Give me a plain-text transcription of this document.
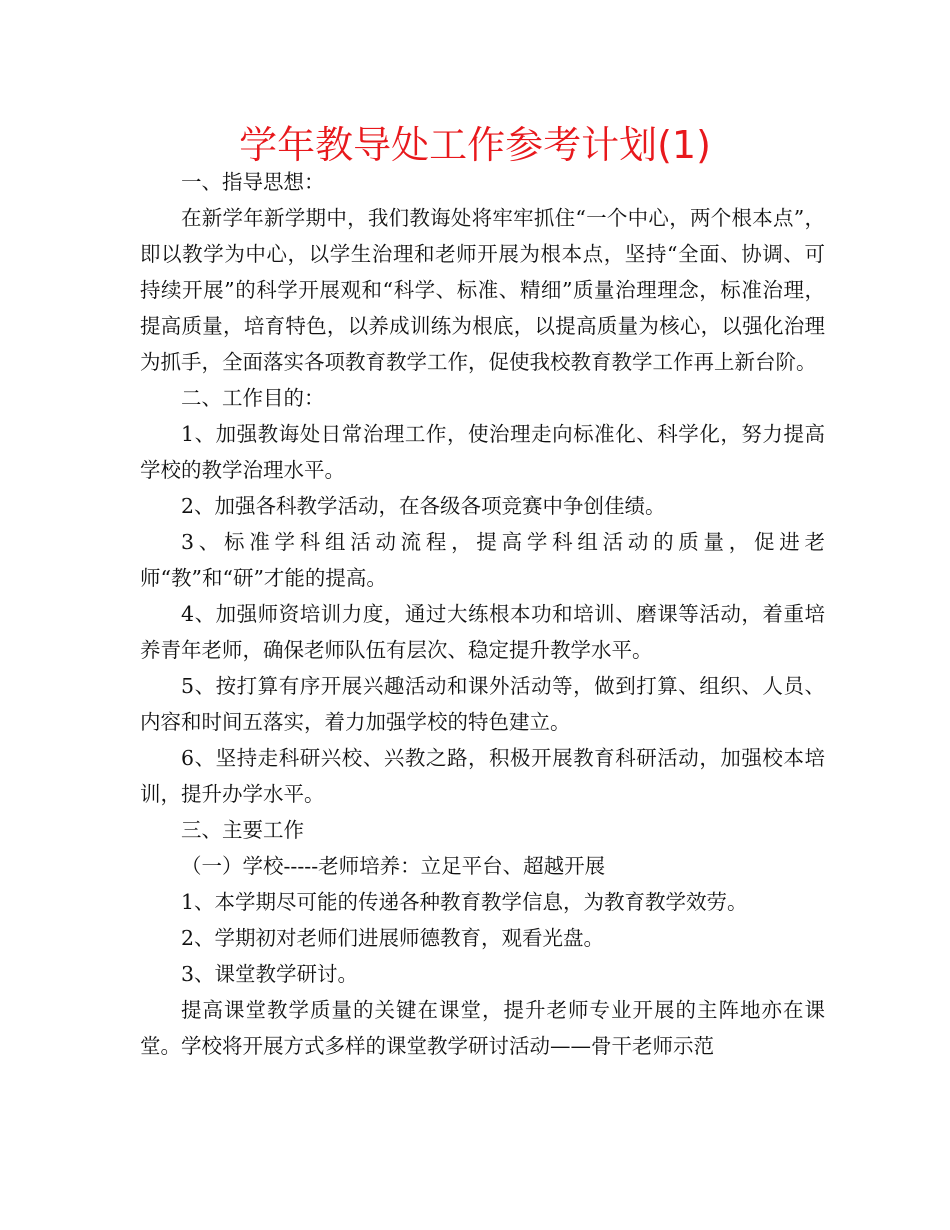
学年教导处工作参考计划(1)

一、指导思想：

在新学年新学期中，我们教诲处将牢牢抓住“一个中心，两个根本点”，即以教学为中心，以学生治理和老师开展为根本点，坚持“全面、协调、可持续开展”的科学开展观和“科学、标准、精细”质量治理理念，标准治理，提高质量，培育特色，以养成训练为根底，以提高质量为核心，以强化治理为抓手，全面落实各项教育教学工作，促使我校教育教学工作再上新台阶。

二、工作目的：

1、加强教诲处日常治理工作，使治理走向标准化、科学化，努力提高学校的教学治理水平。

2、加强各科教学活动，在各级各项竞赛中争创佳绩。

3、标准学科组活动流程，提高学科组活动的质量，促进老师“教”和“研”才能的提高。

4、加强师资培训力度，通过大练根本功和培训、磨课等活动，着重培养青年老师，确保老师队伍有层次、稳定提升教学水平。

5、按打算有序开展兴趣活动和课外活动等，做到打算、组织、人员、内容和时间五落实，着力加强学校的特色建立。

6、坚持走科研兴校、兴教之路，积极开展教育科研活动，加强校本培训，提升办学水平。

三、主要工作

（一）学校-----老师培养：立足平台、超越开展

1、本学期尽可能的传递各种教育教学信息，为教育教学效劳。

2、学期初对老师们进展师德教育，观看光盘。

3、课堂教学研讨。

提高课堂教学质量的关键在课堂，提升老师专业开展的主阵地亦在课堂。学校将开展方式多样的课堂教学研讨活动——骨干老师示范
